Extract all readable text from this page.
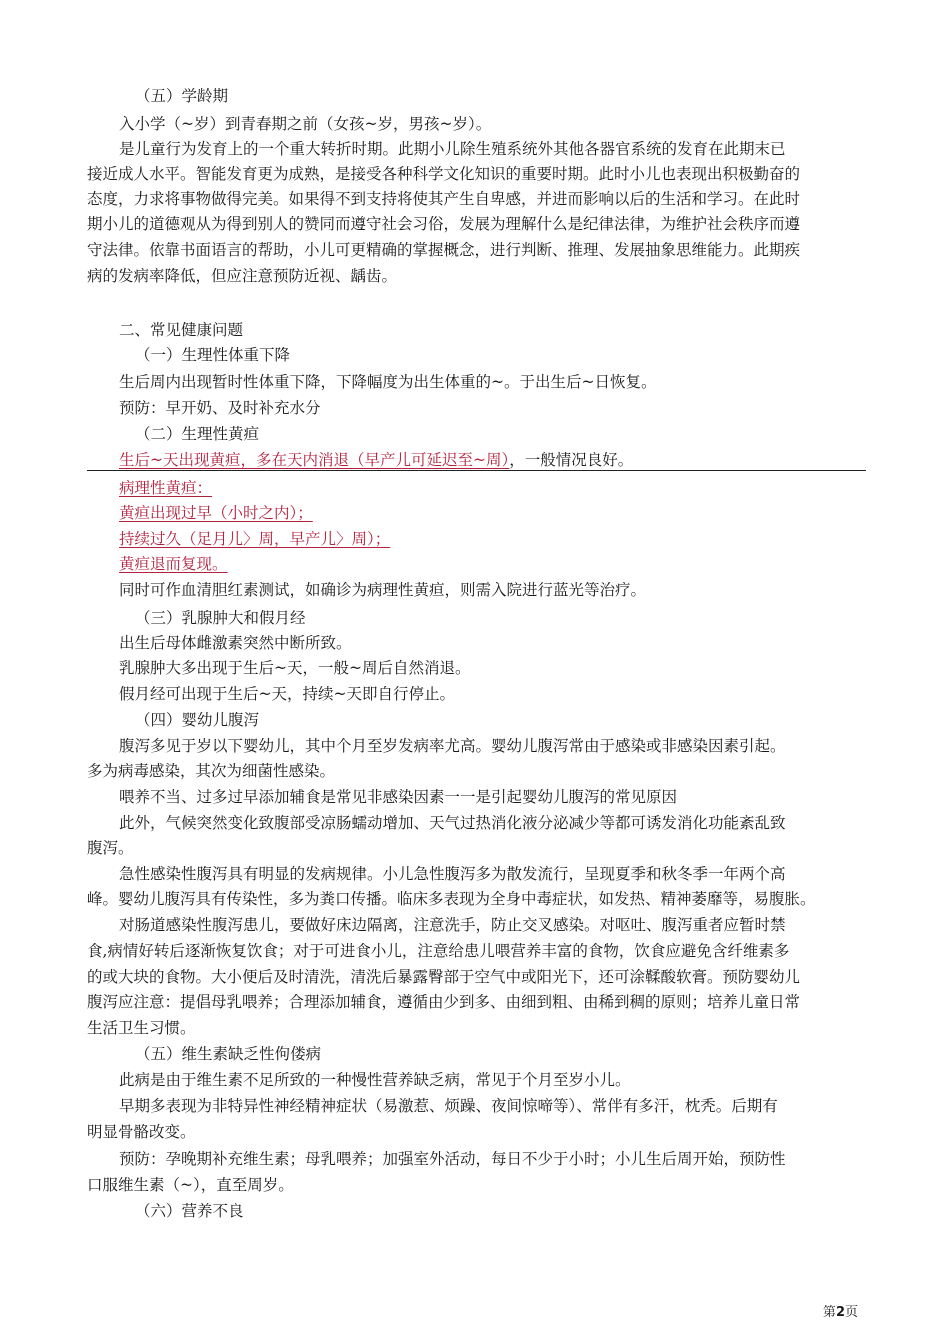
（五）学龄期
入小学（~岁）到青春期之前（女孩~岁，男孩~岁）。
是儿童行为发育上的一个重大转折时期。此期小儿除生殖系统外其他各器官系统的发育在此期末已
接近成人水平。智能发育更为成熟，是接受各种科学文化知识的重要时期。此时小儿也表现出积极勤奋的
态度，力求将事物做得完美。如果得不到支持将使其产生自卑感，并进而影响以后的生活和学习。在此时
期小儿的道德观从为得到别人的赞同而遵守社会习俗，发展为理解什么是纪律法律，为维护社会秩序而遵
守法律。依靠书面语言的帮助，小儿可更精确的掌握概念，进行判断、推理、发展抽象思维能力。此期疾
病的发病率降低，但应注意预防近视、龋齿。
二、常见健康问题
（一）生理性体重下降
生后周内出现暂时性体重下降，下降幅度为出生体重的~。于出生后~日恢复。
预防：早开奶、及时补充水分
（二）生理性黄疸
生后~天出现黄疸，多在天内消退（早产儿可延迟至~周），一般情况良好。
病理性黄疸：
黄疸出现过早（小时之内）；
持续过久（足月儿〉周，早产儿〉周）；
黄疸退而复现。
同时可作血清胆红素测试，如确诊为病理性黄疸，则需入院进行蓝光等治疗。
（三）乳腺肿大和假月经
出生后母体雌激素突然中断所致。
乳腺肿大多出现于生后~天，一般~周后自然消退。
假月经可出现于生后~天，持续~天即自行停止。
（四）婴幼儿腹泻
腹泻多见于岁以下婴幼儿，其中个月至岁发病率尤高。婴幼儿腹泻常由于感染或非感染因素引起。
多为病毒感染，其次为细菌性感染。
喂养不当、过多过早添加辅食是常见非感染因素一一是引起婴幼儿腹泻的常见原因
此外，气候突然变化致腹部受凉肠蠕动增加、天气过热消化液分泌减少等都可诱发消化功能紊乱致
腹泻。
急性感染性腹泻具有明显的发病规律。小儿急性腹泻多为散发流行，呈现夏季和秋冬季一年两个高
峰。婴幼儿腹泻具有传染性，多为粪口传播。临床多表现为全身中毒症状，如发热、精神萎靡等，易腹胀。
对肠道感染性腹泻患儿，要做好床边隔离，注意洗手，防止交叉感染。对呕吐、腹泻重者应暂时禁
食,病情好转后逐渐恢复饮食；对于可进食小儿，注意给患儿喂营养丰富的食物，饮食应避免含纤维素多
的或大块的食物。大小便后及时清洗，清洗后暴露臀部于空气中或阳光下，还可涂鞣酸软膏。预防婴幼儿
腹泻应注意：提倡母乳喂养；合理添加辅食，遵循由少到多、由细到粗、由稀到稠的原则；培养儿童日常
生活卫生习惯。
（五）维生素缺乏性佝偻病
此病是由于维生素不足所致的一种慢性营养缺乏病，常见于个月至岁小儿。
早期多表现为非特异性神经精神症状（易激惹、烦躁、夜间惊啼等）、常伴有多汗，枕秃。后期有
明显骨骼改变。
预防：孕晚期补充维生素；母乳喂养；加强室外活动，每日不少于小时；小儿生后周开始，预防性
口服维生素（~），直至周岁。
（六）营养不良
第2页
